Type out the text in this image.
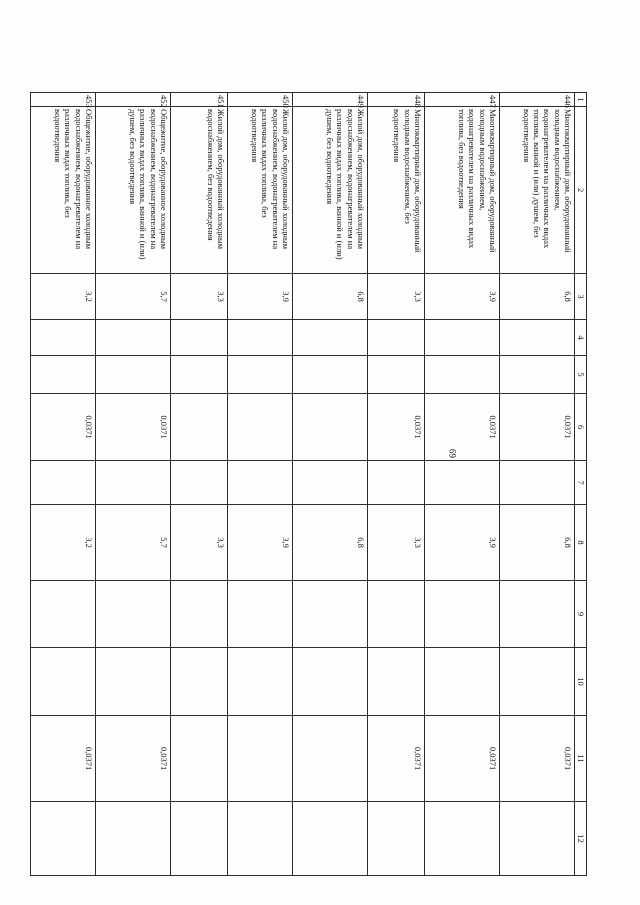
69
1	2	3	4	5	6	7	8	9	10	11	12
446	Многоквартирный дом, оборудованный холодным водоснабжением, водонагревателем на различных видах топлива, ванной и (или) душем, без водоотведения	6,8			0,0371		6,8			0,0371	
447	Многоквартирный дом, оборудованный холодным водоснабжением, водонагревателем на различных видах топлива, без водоотведения	3,9			0,0371		3,9			0,0371	
448	Многоквартирный дом, оборудованный холодным водоснабжением, без водоотведения	3,3			0,0371		3,3			0,0371	
449	Жилой дом, оборудованный холодным водоснабжением, водонагревателем на различных видах топлива, ванной и (или) душем, без водоотведения	6,8					6,8				
450	Жилой дом, оборудованный холодным водоснабжением, водонагревателем на различных видах топлива, без водоотведения	3,9					3,9				
451	Жилой дом, оборудованный холодным водоснабжением, без водоотведения	3,3					3,3				
452	Общежитие, оборудованное холодным водоснабжением, водонагревателем на различных видах топлива, ванной и (или) душем, без водоотведения	5,7			0,0371		5,7			0,0371	
453	Общежитие, оборудованное холодным водоснабжением, водонагревателем на различных видах топлива, без водоотведения	3,2			0,0371		3,2			0,0371	
